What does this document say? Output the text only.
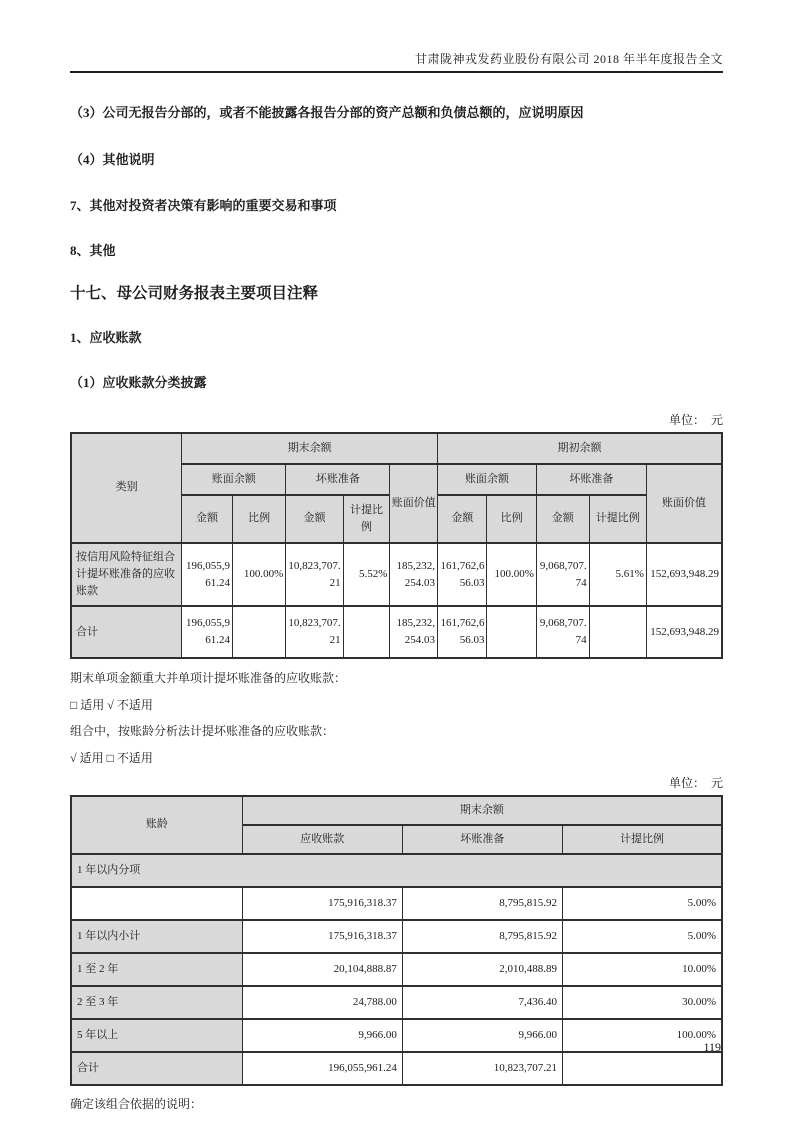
甘肃陇神戎发药业股份有限公司 2018 年半年度报告全文
（3）公司无报告分部的，或者不能披露各报告分部的资产总额和负债总额的，应说明原因
（4）其他说明
7、其他对投资者决策有影响的重要交易和事项
8、其他
十七、母公司财务报表主要项目注释
1、应收账款
（1）应收账款分类披露
单位：　元
类别	期末余额					期初余额				
	账面余额		坏账准备		账面价值	账面余额		坏账准备		账面价值
	金额	比例	金额	计提比例		金额	比例	金额	计提比例	
按信用风险特征组合计提坏账准备的应收账款	196,055,961.24	100.00%	10,823,707.21	5.52%	185,232,254.03	161,762,656.03	100.00%	9,068,707.74	5.61%	152,693,948.29
合计	196,055,961.24		10,823,707.21		185,232,254.03	161,762,656.03		9,068,707.74		152,693,948.29
期末单项金额重大并单项计提坏账准备的应收账款：
□ 适用 √ 不适用
组合中，按账龄分析法计提坏账准备的应收账款：
√ 适用 □ 不适用
单位：　元
账龄	期末余额		
	应收账款	坏账准备	计提比例
1 年以内分项			
	175,916,318.37	8,795,815.92	5.00%
1 年以内小计	175,916,318.37	8,795,815.92	5.00%
1 至 2 年	20,104,888.87	2,010,488.89	10.00%
2 至 3 年	24,788.00	7,436.40	30.00%
5 年以上	9,966.00	9,966.00	100.00%
合计	196,055,961.24	10,823,707.21	
确定该组合依据的说明：
119
